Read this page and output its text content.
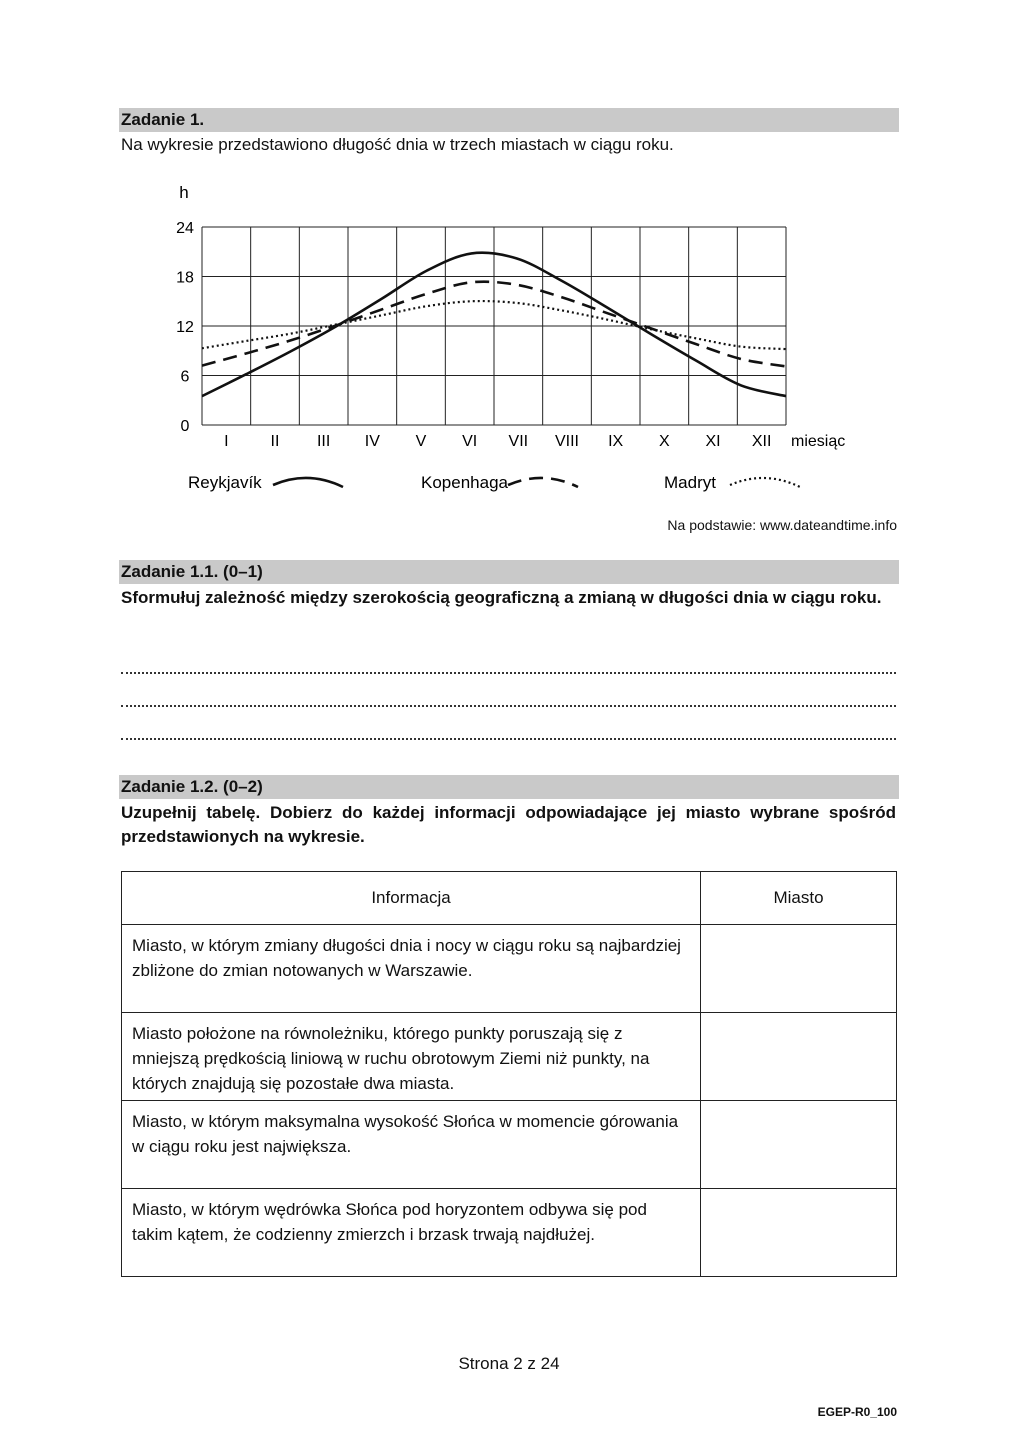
Zadanie 1.
Na wykresie przedstawiono długość dnia w trzech miastach w ciągu roku.
0
6
12
18
24
I	II III IV V VI VII VIII IX X XI XII
Reykjavík	Kopenhaga	Madryt
h
miesiąc
Na podstawie: www.dateandtime.info
Zadanie 1.1. (0–1)
Sformułuj zależność między szerokością geograficzną a zmianą w długości dnia w ciągu roku.
Zadanie 1.2. (0–2)
Uzupełnij tabelę. Dobierz do każdej informacji odpowiadające jej miasto wybrane spośród przedstawionych na wykresie.
Informacja	Miasto
Miasto, w którym zmiany długości dnia i nocy w ciągu roku są najbardziej zbliżone do zmian notowanych w Warszawie.	
Miasto położone na równoleżniku, którego punkty poruszają się z mniejszą prędkością liniową w ruchu obrotowym Ziemi niż punkty, na których znajdują się pozostałe dwa miasta.	
Miasto, w którym maksymalna wysokość Słońca w momencie górowania w ciągu roku jest największa.	
Miasto, w którym wędrówka Słońca pod horyzontem odbywa się pod takim kątem, że codzienny zmierzch i brzask trwają najdłużej.	
Strona 2 z 24
EGEP-R0_100
